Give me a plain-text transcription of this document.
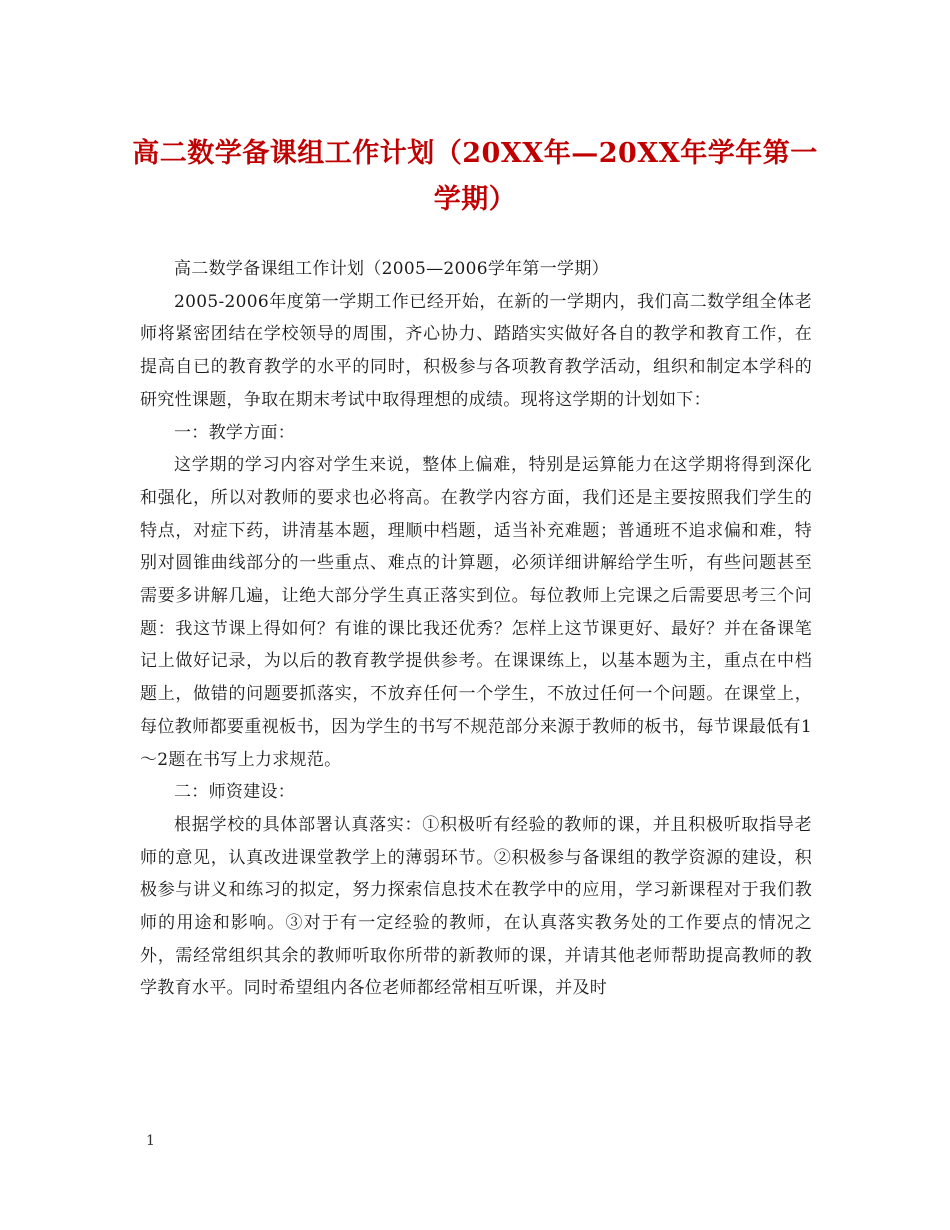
高二数学备课组工作计划（20XX年—20XX年学年第一
学期）

高二数学备课组工作计划（2005—2006学年第一学期）

2005-2006年度第一学期工作已经开始，在新的一学期内，我们高二数学组全体老师将紧密团结在学校领导的周围，齐心协力、踏踏实实做好各自的教学和教育工作，在提高自已的教育教学的水平的同时，积极参与各项教育教学活动，组织和制定本学科的研究性课题，争取在期末考试中取得理想的成绩。现将这学期的计划如下：

一：教学方面：

这学期的学习内容对学生来说，整体上偏难，特别是运算能力在这学期将得到深化和强化，所以对教师的要求也必将高。在教学内容方面，我们还是主要按照我们学生的特点，对症下药，讲清基本题，理顺中档题，适当补充难题；普通班不追求偏和难，特别对圆锥曲线部分的一些重点、难点的计算题，必须详细讲解给学生听，有些问题甚至需要多讲解几遍，让绝大部分学生真正落实到位。每位教师上完课之后需要思考三个问题：我这节课上得如何？有谁的课比我还优秀？怎样上这节课更好、最好？并在备课笔记上做好记录，为以后的教育教学提供参考。在课课练上，以基本题为主，重点在中档题上，做错的问题要抓落实，不放弃任何一个学生，不放过任何一个问题。在课堂上，每位教师都要重视板书，因为学生的书写不规范部分来源于教师的板书，每节课最低有1～2题在书写上力求规范。

二：师资建设：

根据学校的具体部署认真落实：①积极听有经验的教师的课，并且积极听取指导老师的意见，认真改进课堂教学上的薄弱环节。②积极参与备课组的教学资源的建设，积极参与讲义和练习的拟定，努力探索信息技术在教学中的应用，学习新课程对于我们教师的用途和影响。③对于有一定经验的教师，在认真落实教务处的工作要点的情况之外，需经常组织其余的教师听取你所带的新教师的课，并请其他老师帮助提高教师的教学教育水平。同时希望组内各位老师都经常相互听课，并及时

1
